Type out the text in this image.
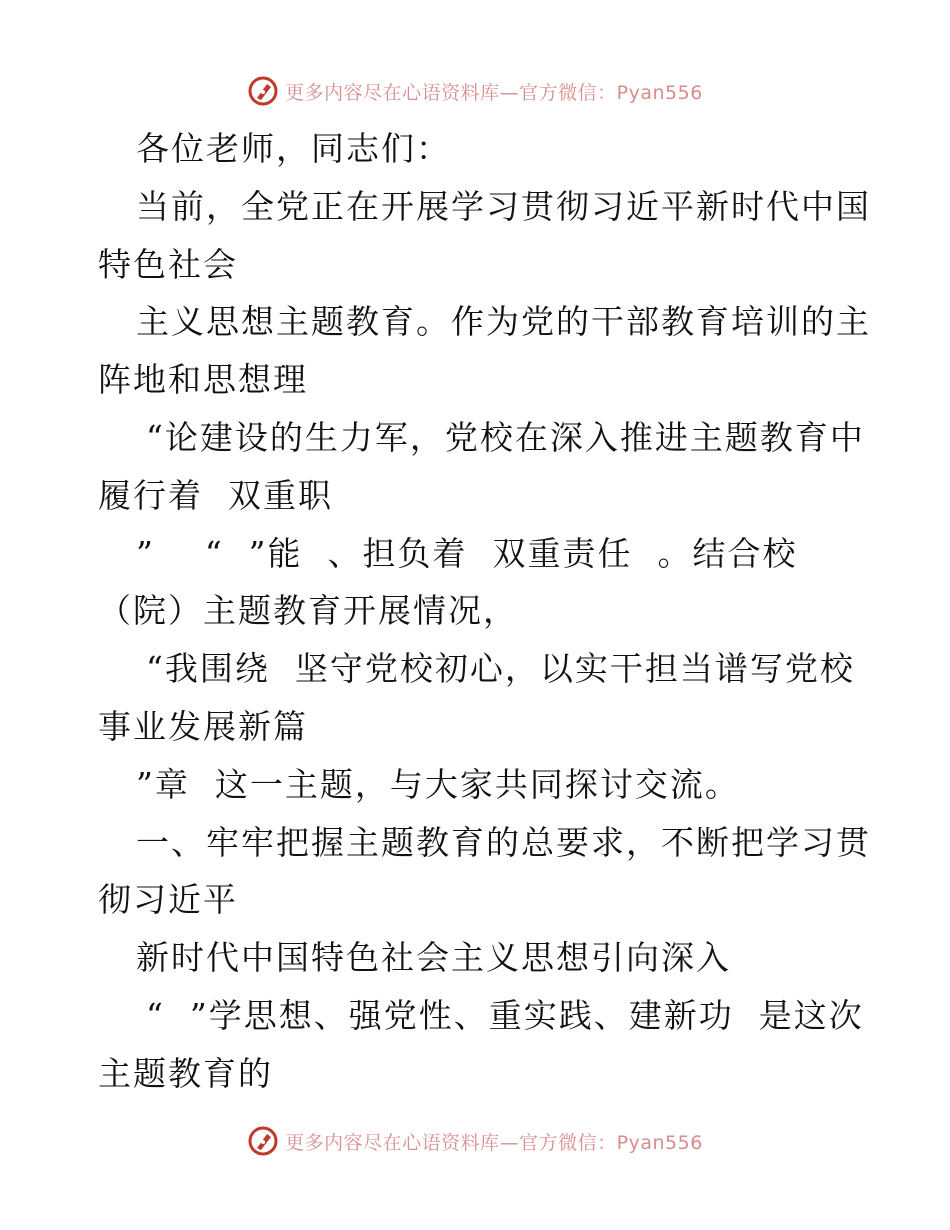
更多内容尽在心语资料库—官方微信：Pyan556
各位老师，同志们：
当前，全党正在开展学习贯彻习近平新时代中国
特色社会
主义思想主题教育。作为党的干部教育培训的主
阵地和思想理
“论建设的生力军，党校在深入推进主题教育中
履行着  双重职
”    “  ”能  、担负着  双重责任  。结合校
（院）主题教育开展情况，
“我围绕  坚守党校初心，以实干担当谱写党校
事业发展新篇
”章  这一主题，与大家共同探讨交流。
一、牢牢把握主题教育的总要求，不断把学习贯
彻习近平
新时代中国特色社会主义思想引向深入
“  ”学思想、强党性、重实践、建新功  是这次
主题教育的
更多内容尽在心语资料库—官方微信：Pyan556
